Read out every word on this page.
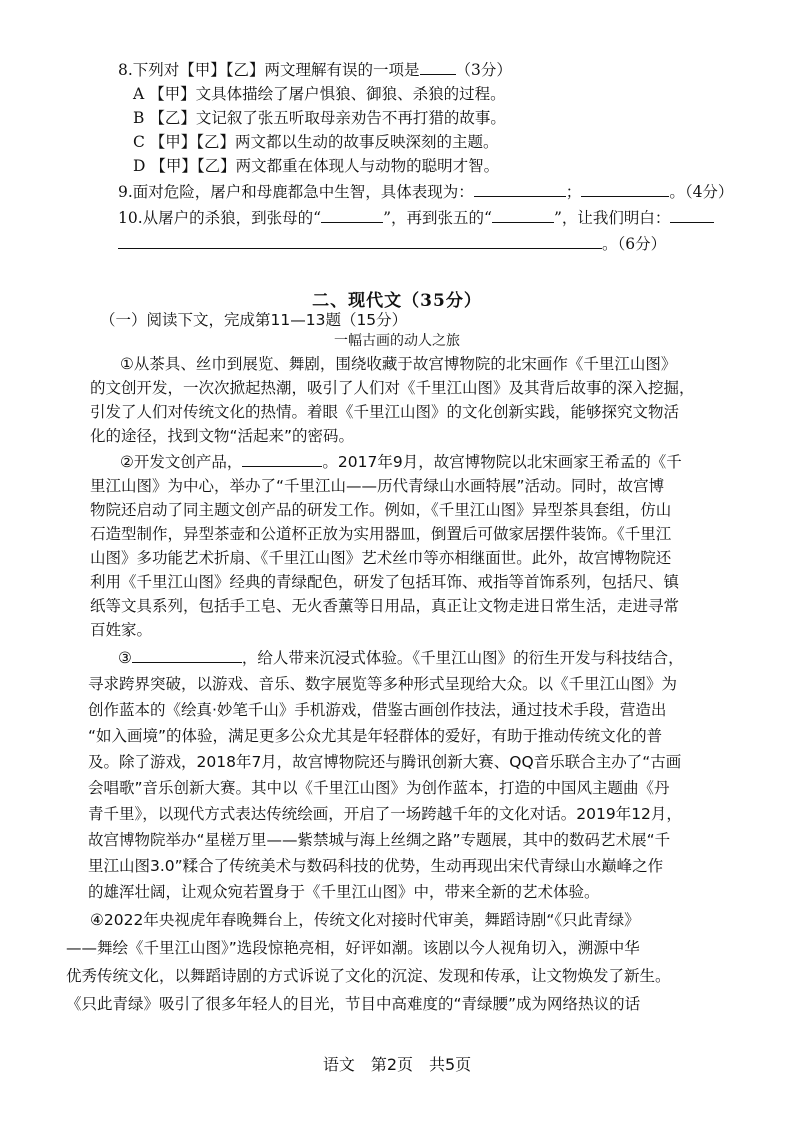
8.下列对【甲】【乙】两文理解有误的一项是 （3分）
A 【甲】文具体描绘了屠户惧狼、御狼、杀狼的过程。
B 【乙】文记叙了张五听取母亲劝告不再打猎的故事。
C 【甲】【乙】两文都以生动的故事反映深刻的主题。
D 【甲】【乙】两文都重在体现人与动物的聪明才智。
9.面对危险，屠户和母鹿都急中生智，具体表现为：	；	。（4分）
10.从屠户的杀狼，到张母的“	”，再到张五的“	”，让我们明白：
。（6分）
二、现代文（35分）
（一）阅读下文，完成第11—13题（15分）
一幅古画的动人之旅
①从茶具、丝巾到展览、舞剧，围绕收藏于故宫博物院的北宋画作《千里江山图》
的文创开发，一次次掀起热潮，吸引了人们对《千里江山图》及其背后故事的深入挖掘，
引发了人们对传统文化的热情。着眼《千里江山图》的文化创新实践，能够探究文物活
化的途径，找到文物“活起来”的密码。
②开发文创产品，	。2017年9月，故宫博物院以北宋画家王希孟的《千
里江山图》为中心，举办了“千里江山——历代青绿山水画特展”活动。同时，故宫博
物院还启动了同主题文创产品的研发工作。例如，《千里江山图》异型茶具套组，仿山
石造型制作，异型茶壶和公道杯正放为实用器皿，倒置后可做家居摆件装饰。《千里江
山图》多功能艺术折扇、《千里江山图》艺术丝巾等亦相继面世。此外，故宫博物院还
利用《千里江山图》经典的青绿配色，研发了包括耳饰、戒指等首饰系列，包括尺、镇
纸等文具系列，包括手工皂、无火香薰等日用品，真正让文物走进日常生活，走进寻常
百姓家。
③	，给人带来沉浸式体验。《千里江山图》的衍生开发与科技结合，
寻求跨界突破，以游戏、音乐、数字展览等多种形式呈现给大众。以《千里江山图》为
创作蓝本的《绘真·妙笔千山》手机游戏，借鉴古画创作技法，通过技术手段，营造出
“如入画境”的体验，满足更多公众尤其是年轻群体的爱好，有助于推动传统文化的普
及。除了游戏，2018年7月，故宫博物院还与腾讯创新大赛、QQ音乐联合主办了“古画
会唱歌”音乐创新大赛。其中以《千里江山图》为创作蓝本，打造的中国风主题曲《丹
青千里》，以现代方式表达传统绘画，开启了一场跨越千年的文化对话。2019年12月，
故宫博物院举办“星槎万里——紫禁城与海上丝绸之路”专题展，其中的数码艺术展“千
里江山图3.0”糅合了传统美术与数码科技的优势，生动再现出宋代青绿山水巅峰之作
的雄浑壮阔，让观众宛若置身于《千里江山图》中，带来全新的艺术体验。
④2022年央视虎年春晚舞台上，传统文化对接时代审美，舞蹈诗剧“《只此青绿》
——舞绘《千里江山图》”选段惊艳亮相，好评如潮。该剧以今人视角切入，溯源中华
优秀传统文化，以舞蹈诗剧的方式诉说了文化的沉淀、发现和传承，让文物焕发了新生。
《只此青绿》吸引了很多年轻人的目光，节目中高难度的“青绿腰”成为网络热议的话
语文　第2页　共5页
